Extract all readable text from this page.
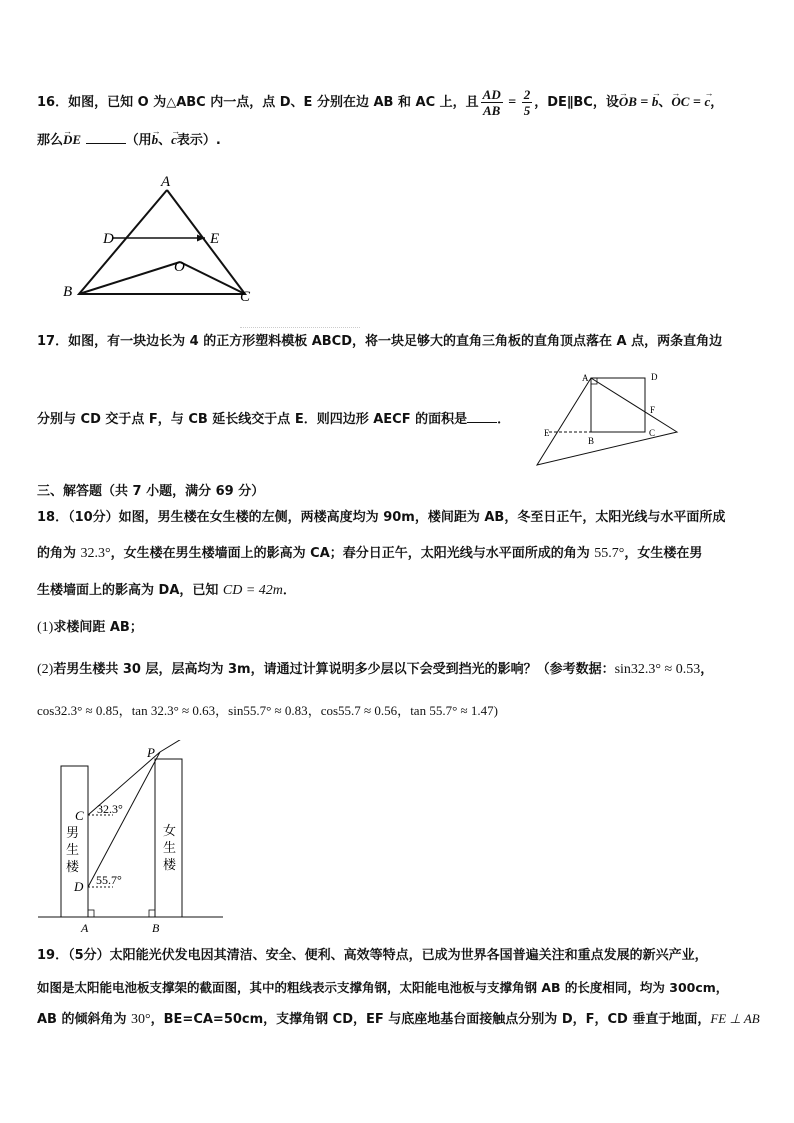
16．如图，已知 O 为△ABC 内一点，点 D、E 分别在边 AB 和 AC 上，且 $\frac{AD}{AB} = \frac{2}{5}$ ，DE∥BC，设→ OB = → b、→ OC = → c，
那么→ DE	（用→ b、→ c表示）.
A
D	E
O
B	C
17．如图，有一块边长为 4 的正方形塑料模板 ABCD，将一块足够大的直角三角板的直角顶点落在 A 点，两条直角边
分别与 CD 交于点 F，与 CB 延长线交于点 E．则四边形 AECF 的面积是 ．
A	D
F
C
B
E
三、解答题（共 7 小题，满分 69 分）
18．（10分）如图，男生楼在女生楼的左侧，两楼高度均为 90m，楼间距为 AB，冬至日正午，太阳光线与水平面所成
的角为 32.3°，女生楼在男生楼墙面上的影高为 CA；春分日正午，太阳光线与水平面所成的角为 55.7°，女生楼在男
生楼墙面上的影高为 DA，已知 CD = 42m．
(1)求楼间距 AB；
(2)若男生楼共 30 层，层高均为 3m，请通过计算说明多少层以下会受到挡光的影响？（参考数据：sin32.3° ≈ 0.53，
cos32.3° ≈ 0.85，tan 32.3° ≈ 0.63，sin55.7° ≈ 0.83，cos55.7 ≈ 0.56，tan 55.7° ≈ 1.47)
P
C
D
32.3°
55.7°
A	B
男
生
楼
女
生
楼
19．（5分）太阳能光伏发电因其清洁、安全、便利、高效等特点，已成为世界各国普遍关注和重点发展的新兴产业，
如图是太阳能电池板支撑架的截面图，其中的粗线表示支撑角钢，太阳能电池板与支撑角钢 AB 的长度相同，均为 300cm，
AB 的倾斜角为 30°，BE=CA=50cm，支撑角钢 CD，EF 与底座地基台面接触点分别为 D，F，CD 垂直于地面，FE ⊥ AB
